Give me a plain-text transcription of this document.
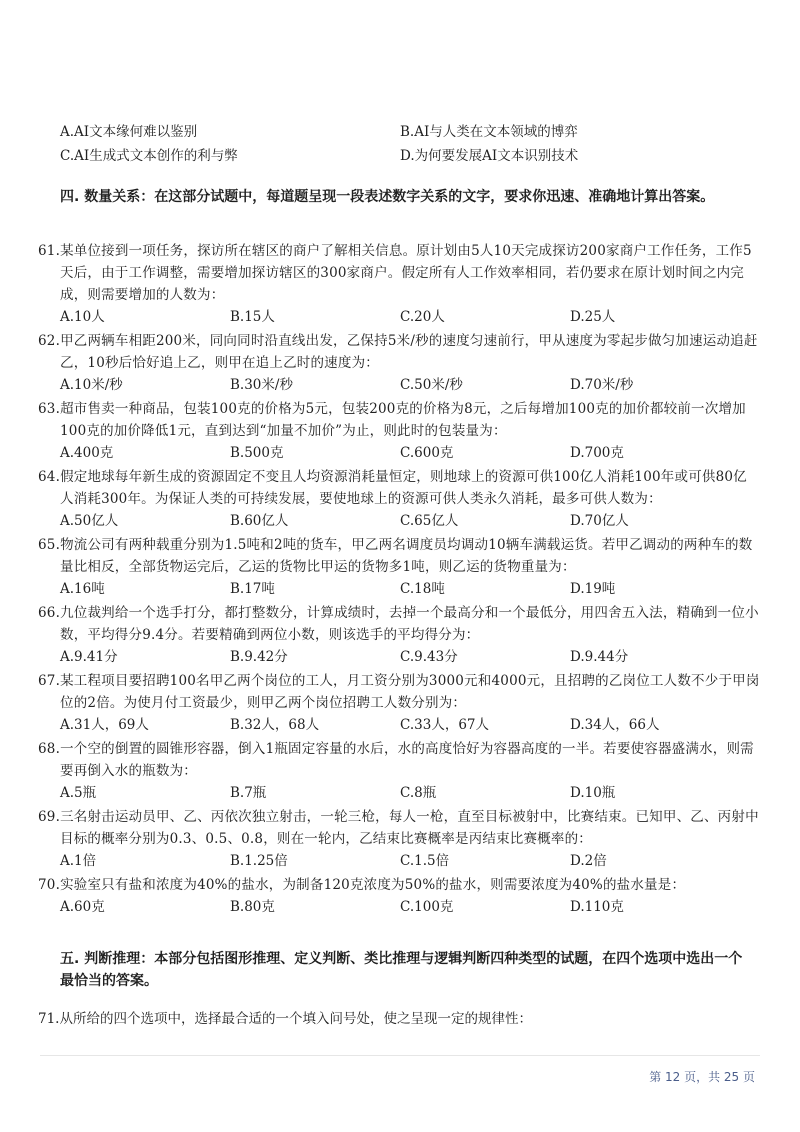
A.AI文本缘何难以鉴别	B.AI与人类在文本领域的博弈
C.AI生成式文本创作的利与弊	D.为何要发展AI文本识别技术
四. 数量关系：在这部分试题中，每道题呈现一段表述数字关系的文字，要求你迅速、准确地计算出答案。
61.某单位接到一项任务，探访所在辖区的商户了解相关信息。原计划由5人10天完成探访200家商户工作任务，工作5天后，由于工作调整，需要增加探访辖区的300家商户。假定所有人工作效率相同，若仍要求在原计划时间之内完成，则需要增加的人数为：
A.10人	B.15人	C.20人	D.25人
62.甲乙两辆车相距200米，同向同时沿直线出发，乙保持5米/秒的速度匀速前行，甲从速度为零起步做匀加速运动追赶乙，10秒后恰好追上乙，则甲在追上乙时的速度为：
A.10米/秒	B.30米/秒	C.50米/秒	D.70米/秒
63.超市售卖一种商品，包装100克的价格为5元，包装200克的价格为8元，之后每增加100克的加价都较前一次增加100克的加价降低1元，直到达到“加量不加价”为止，则此时的包装量为：
A.400克	B.500克	C.600克	D.700克
64.假定地球每年新生成的资源固定不变且人均资源消耗量恒定，则地球上的资源可供100亿人消耗100年或可供80亿人消耗300年。为保证人类的可持续发展，要使地球上的资源可供人类永久消耗，最多可供人数为：
A.50亿人	B.60亿人	C.65亿人	D.70亿人
65.物流公司有两种载重分别为1.5吨和2吨的货车，甲乙两名调度员均调动10辆车满载运货。若甲乙调动的两种车的数量比相反，全部货物运完后，乙运的货物比甲运的货物多1吨，则乙运的货物重量为：
A.16吨	B.17吨	C.18吨	D.19吨
66.九位裁判给一个选手打分，都打整数分，计算成绩时，去掉一个最高分和一个最低分，用四舍五入法，精确到一位小数，平均得分9.4分。若要精确到两位小数，则该选手的平均得分为：
A.9.41分	B.9.42分	C.9.43分	D.9.44分
67.某工程项目要招聘100名甲乙两个岗位的工人，月工资分别为3000元和4000元，且招聘的乙岗位工人数不少于甲岗位的2倍。为使月付工资最少，则甲乙两个岗位招聘工人数分别为：
A.31人，69人	B.32人，68人	C.33人，67人	D.34人，66人
68.一个空的倒置的圆锥形容器，倒入1瓶固定容量的水后，水的高度恰好为容器高度的一半。若要使容器盛满水，则需要再倒入水的瓶数为：
A.5瓶	B.7瓶	C.8瓶	D.10瓶
69.三名射击运动员甲、乙、丙依次独立射击，一轮三枪，每人一枪，直至目标被射中，比赛结束。已知甲、乙、丙射中目标的概率分别为0.3、0.5、0.8，则在一轮内，乙结束比赛概率是丙结束比赛概率的：
A.1倍	B.1.25倍	C.1.5倍	D.2倍
70.实验室只有盐和浓度为40%的盐水，为制备120克浓度为50%的盐水，则需要浓度为40%的盐水量是：
A.60克	B.80克	C.100克	D.110克
五. 判断推理：本部分包括图形推理、定义判断、类比推理与逻辑判断四种类型的试题，在四个选项中选出一个最恰当的答案。
71.从所给的四个选项中，选择最合适的一个填入问号处，使之呈现一定的规律性：
第 12 页，共 25 页
